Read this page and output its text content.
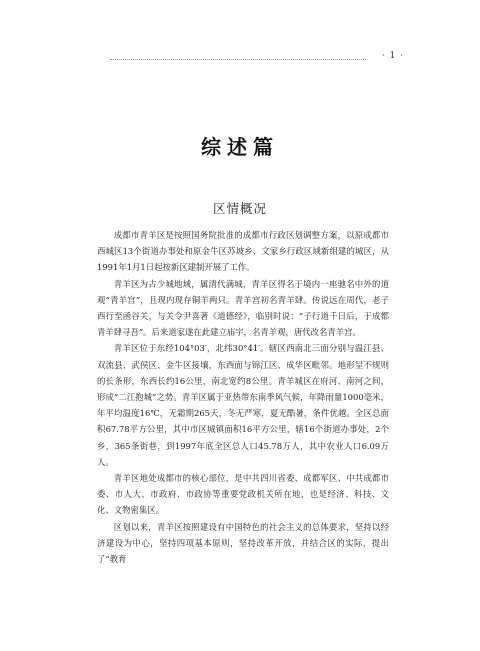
· 1 ·
综述篇
区情概况

成都市青羊区是按照国务院批准的成都市行政区划调整方案，以原成都市西城区13个街道办事处和原金牛区苏坡乡、文家乡行政区域新组建的城区，从1991年1月1日起按新区建制开展了工作。

青羊区为古少城地域，属清代满城，青羊区得名于境内一座驰名中外的道观“青羊宫”，且现内现存铜羊两只。青羊宫初名青羊肆。传说远在周代，老子西行至函谷关，与关令尹喜著《道德经》，临别时说：“子行道千日后，于成都青羊肆寻吾”。后来道家遂在此建立庙宇，名青羊观，唐代改名青羊宫。

青羊区位于东经104°03′，北纬30°41′。辖区西南北三面分别与温江县、双流县、武侯区、金牛区接壤，东西面与锦江区、成华区毗邻。地形呈不规则的长条形，东西长约16公里，南北宽约8公里。青羊城区在府河、南河之间，形成“二江抱城”之势。青羊区属于亚热带东南季风气候，年降雨量1000毫米，年平均温度16℃，无霜期265天，冬无严寒，夏无酷暑，条件优越。全区总面积67.78平方公里，其中市区城镇面积16平方公里，辖16个街道办事处，2个乡，365条街巷，到1997年底全区总人口45.78万人，其中农业人口6.09万人。

青羊区地处成都市的核心部位，是中共四川省委、成都军区、中共成都市委、市人大、市政府、市政协等重要党政机关所在地，也是经济、科技、文化、文物密集区。

区划以来，青羊区按照建设有中国特色的社会主义的总体要求，坚持以经济建设为中心，坚持四项基本原则，坚持改革开放，并结合区的实际，提出了“教育
